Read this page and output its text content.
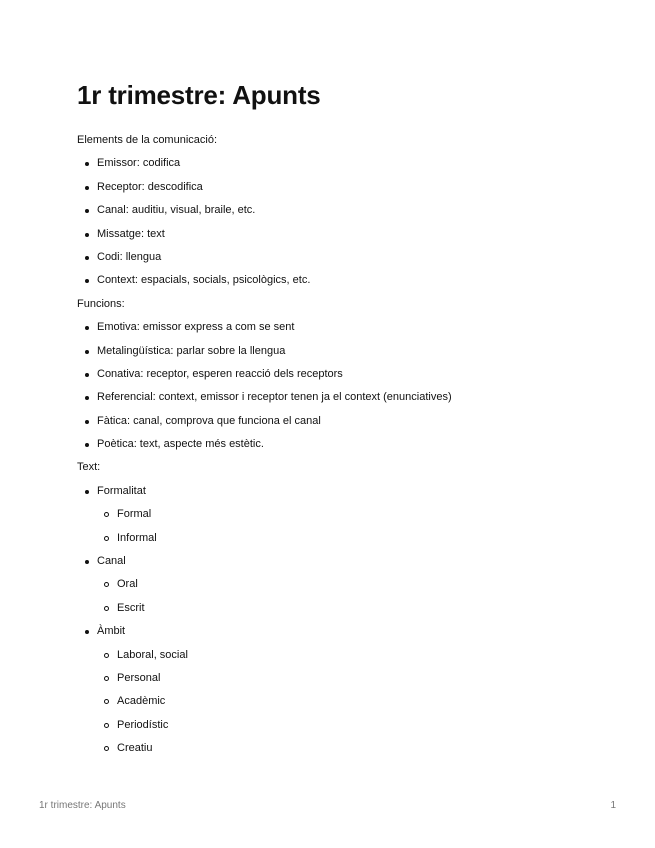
1r trimestre: Apunts

Elements de la comunicació:

Emissor: codifica
Receptor: descodifica
Canal: auditiu, visual, braile, etc.
Missatge: text
Codi: llengua
Context: espacials, socials, psicològics, etc.

Funcions:

Emotiva: emissor express a com se sent
Metalingüística: parlar sobre la llengua
Conativa: receptor, esperen reacció dels receptors
Referencial: context, emissor i receptor tenen ja el context (enunciatives)
Fàtica: canal, comprova que funciona el canal
Poètica: text, aspecte més estètic.

Text:

Formalitat
Formal
Informal
Canal
Oral
Escrit
Àmbit
Laboral, social
Personal
Acadèmic
Periodístic
Creatiu
1r trimestre: Apunts	1
